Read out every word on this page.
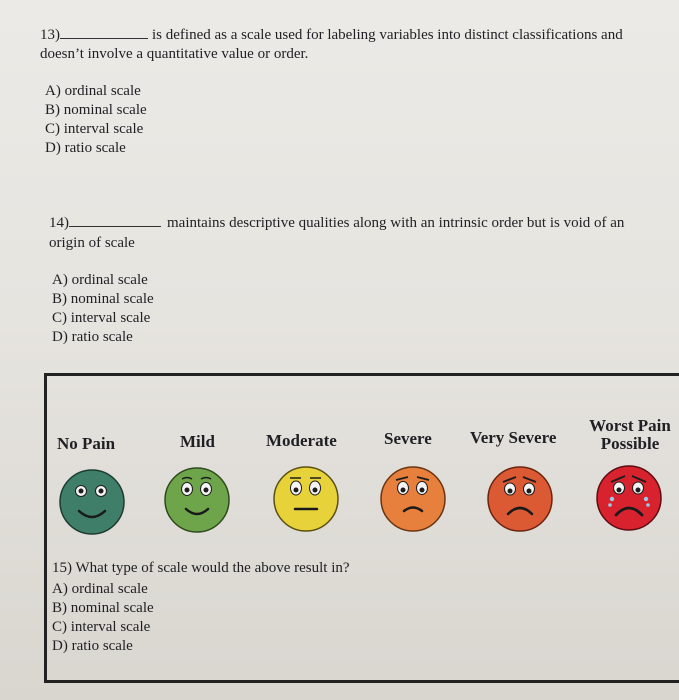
13)	is defined as a scale used for labeling variables into distinct classifications and
doesn’t involve a quantitative value or order.
A) ordinal scale
B) nominal scale
C) interval scale
D) ratio scale
14)	maintains descriptive qualities along with an intrinsic order but is void of an
origin of scale
A) ordinal scale
B) nominal scale
C) interval scale
D) ratio scale
No Pain	Mild	Moderate	Severe Very Severe
Worst Pain
Possible
15) What type of scale would the above result in?
A) ordinal scale
B) nominal scale
C) interval scale
D) ratio scale
